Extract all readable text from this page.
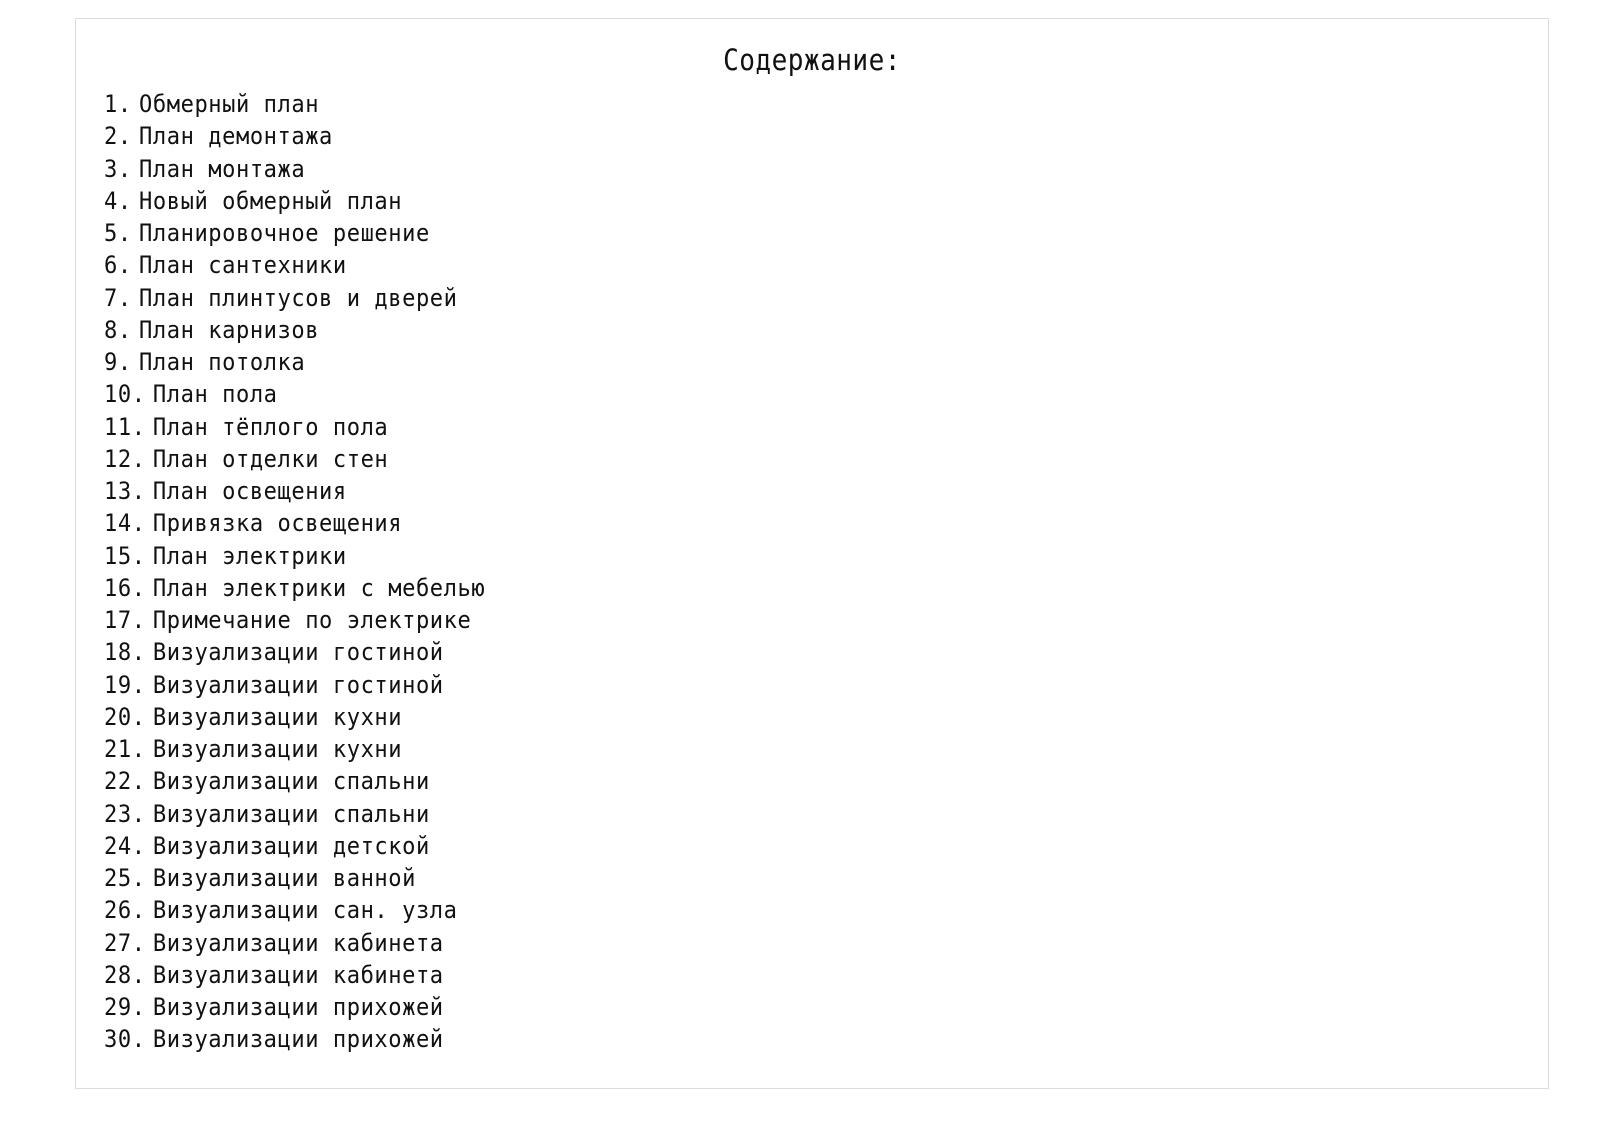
Содержание:
1. Обмерный план
2. План демонтажа
3. План монтажа
4. Новый обмерный план
5. Планировочное решение
6. План сантехники
7. План плинтусов и дверей
8. План карнизов
9. План потолка
10. План пола
11. План тёплого пола
12. План отделки стен
13. План освещения
14. Привязка освещения
15. План электрики
16. План электрики с мебелью
17. Примечание по электрике
18. Визуализации гостиной
19. Визуализации гостиной
20. Визуализации кухни
21. Визуализации кухни
22. Визуализации спальни
23. Визуализации спальни
24. Визуализации детской
25. Визуализации ванной
26. Визуализации сан. узла
27. Визуализации кабинета
28. Визуализации кабинета
29. Визуализации прихожей
30. Визуализации прихожей
